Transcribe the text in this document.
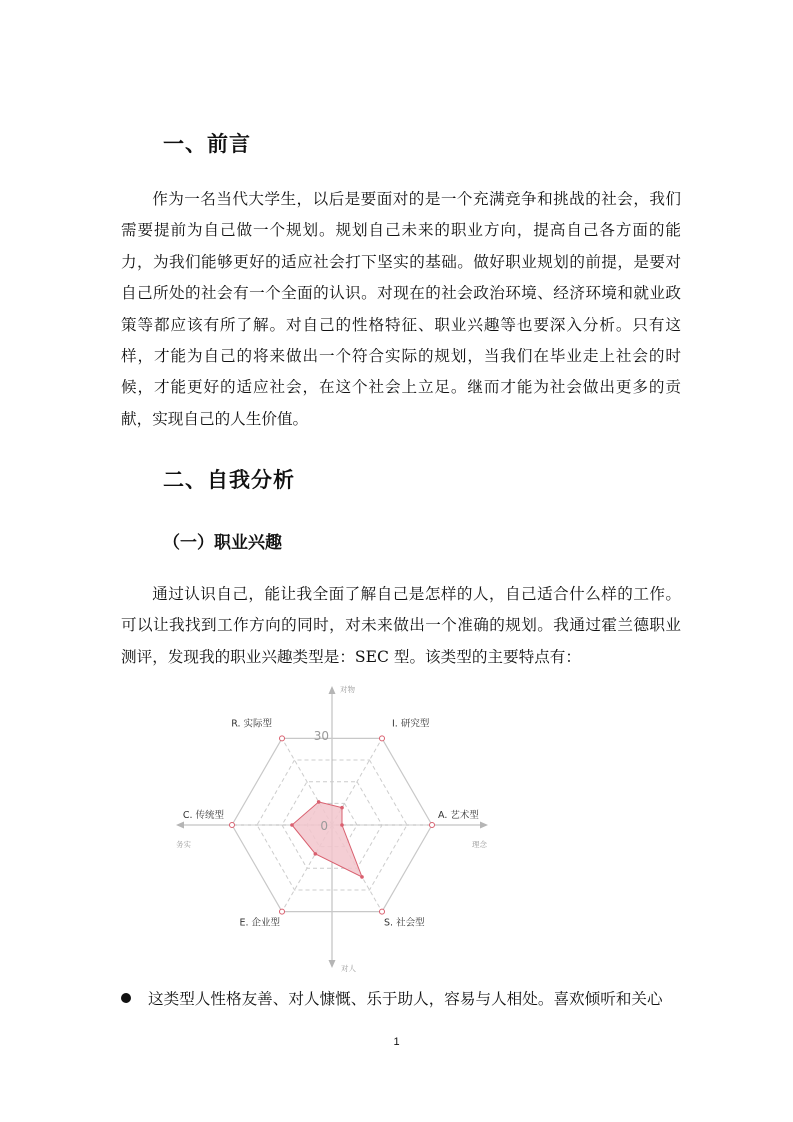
一、前言

作为一名当代大学生，以后是要面对的是一个充满竞争和挑战的社会，我们需要提前为自己做一个规划。规划自己未来的职业方向，提高自己各方面的能力，为我们能够更好的适应社会打下坚实的基础。做好职业规划的前提，是要对自己所处的社会有一个全面的认识。对现在的社会政治环境、经济环境和就业政策等都应该有所了解。对自己的性格特征、职业兴趣等也要深入分析。只有这样，才能为自己的将来做出一个符合实际的规划，当我们在毕业走上社会的时候，才能更好的适应社会，在这个社会上立足。继而才能为社会做出更多的贡献，实现自己的人生价值。

二、自我分析
（一）职业兴趣

通过认识自己，能让我全面了解自己是怎样的人，自己适合什么样的工作。可以让我找到工作方向的同时，对未来做出一个准确的规划。我通过霍兰德职业测评，发现我的职业兴趣类型是：SEC 型。该类型的主要特点有：

0
30
I. 研究型
A. 艺术型
S. 社会型
E. 企业型
C. 传统型
R. 实际型
对物
对人
务实	理念
这类型人性格友善、对人慷慨、乐于助人，容易与人相处。喜欢倾听和关心
1
